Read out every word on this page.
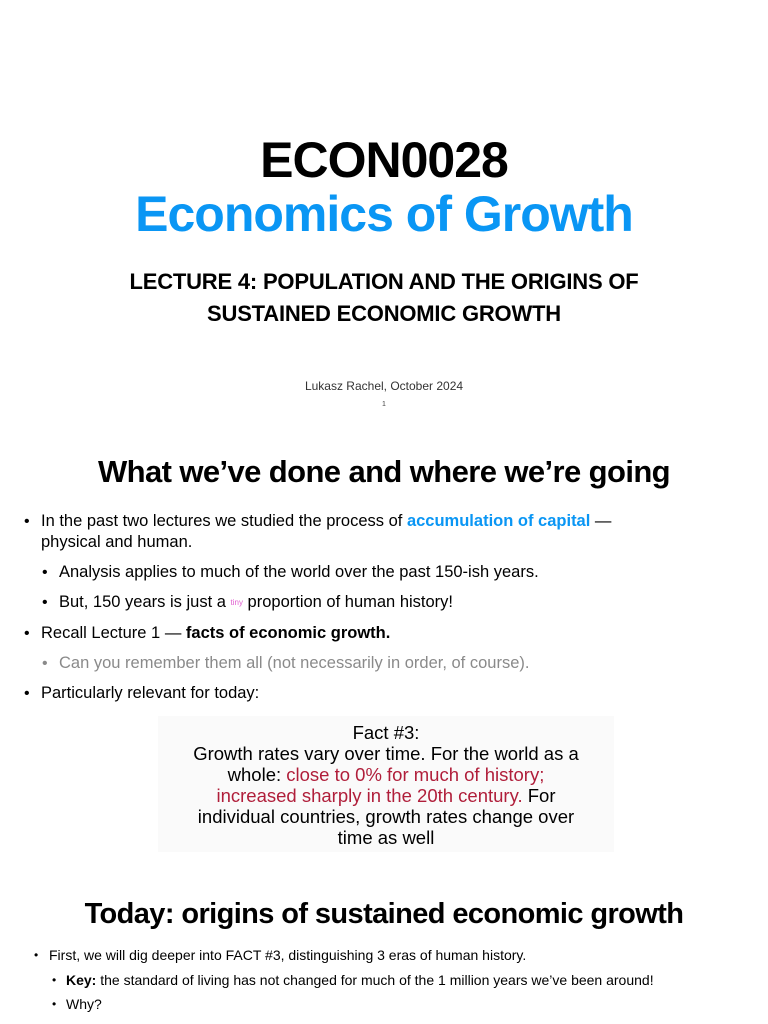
ECON0028
Economics of Growth
LECTURE 4: POPULATION AND THE ORIGINS OF SUSTAINED ECONOMIC GROWTH
Lukasz Rachel, October 2024
1
What we’ve done and where we’re going
• In the past two lectures we studied the process of accumulation of capital —
physical and human.
• Analysis applies to much of the world over the past 150-ish years.
• But, 150 years is just a tiny proportion of human history!
• Recall Lecture 1 — facts of economic growth.
• Can you remember them all (not necessarily in order, of course).
• Particularly relevant for today:
Fact #3:
Growth rates vary over time. For the world as a
whole: close to 0% for much of history;
increased sharply in the 20th century. For
individual countries, growth rates change over
time as well
Today: origins of sustained economic growth
• First, we will dig deeper into FACT #3, distinguishing 3 eras of human history.
• Key: the standard of living has not changed for much of the 1 million years we’ve been around!
• Why?
